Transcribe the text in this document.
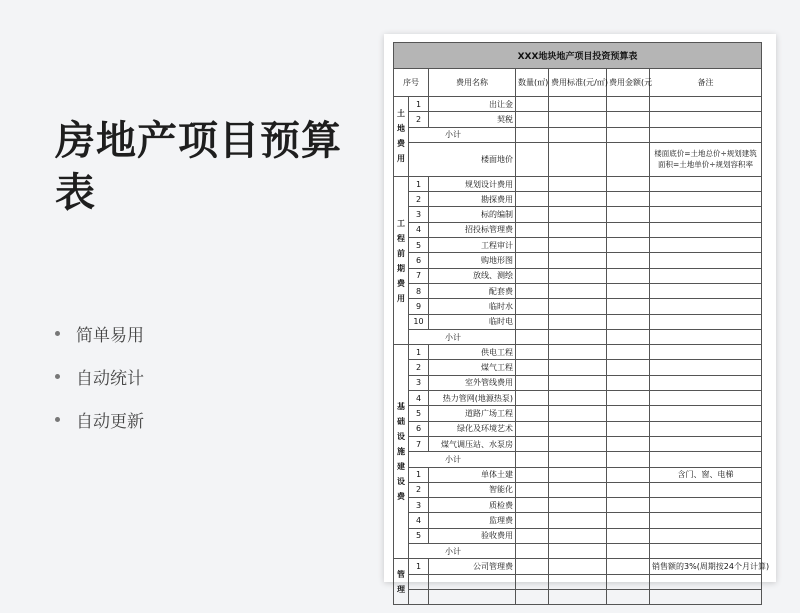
房地产项目预算表
简单易用
自动统计
自动更新
XXX地块地产项目投资预算表						
序号		费用名称	数量(㎡)	费用标准(元/㎡)	费用金额(元	备注

土地费用	1	出让金				
	2	契税				
	小计					
	楼面地价					楼面底价=土地总价÷规划建筑面积=土地单价÷规划容积率

工程前期费用	1	规划设计费用				
	2	勘探费用				
	3	标的编制				
	4	招投标管理费				
	5	工程审计				
	6	购地形图				
	7	放线、测绘				
	8	配套费				
	9	临时水				
	10	临时电				
	小计					

基础设施建设费	1	供电工程				
	2	煤气工程				
	3	室外管线费用				
	4	热力管网(地源热泵)				
	5	道路广场工程				
	6	绿化及环境艺术				
	7	煤气调压站、水泵房				
	小计					
	1	单体土建				含门、窗、电梯
	2	智能化				
	3	质检费				
	4	监理费				
	5	验收费用				
	小计					

管理	1	公司管理费				销售额的3%(周期按24个月计算)
